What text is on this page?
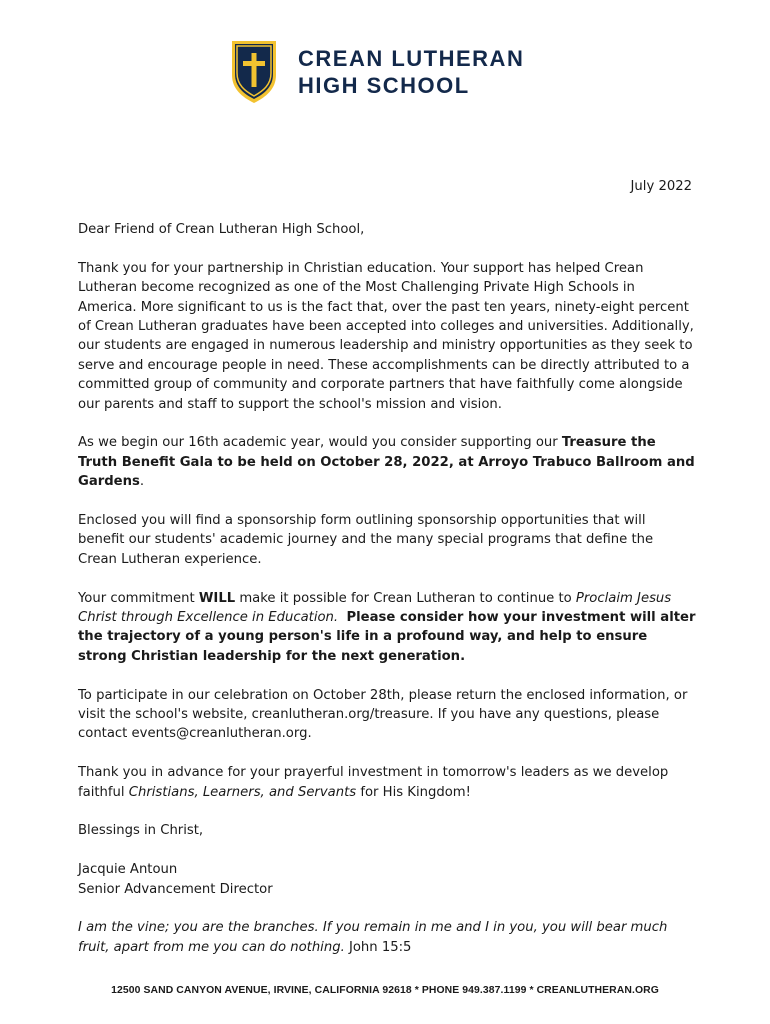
CREAN LUTHERAN
HIGH SCHOOL
July 2022

Dear Friend of Crean Lutheran High School,

Thank you for your partnership in Christian education. Your support has helped Crean Lutheran become recognized as one of the Most Challenging Private High Schools in America. More significant to us is the fact that, over the past ten years, ninety-eight percent of Crean Lutheran graduates have been accepted into colleges and universities. Additionally, our students are engaged in numerous leadership and ministry opportunities as they seek to serve and encourage people in need. These accomplishments can be directly attributed to a committed group of community and corporate partners that have faithfully come alongside our parents and staff to support the school's mission and vision.

As we begin our 16th academic year, would you consider supporting our Treasure the Truth Benefit Gala to be held on October 28, 2022, at Arroyo Trabuco Ballroom and Gardens.

Enclosed you will find a sponsorship form outlining sponsorship opportunities that will benefit our students' academic journey and the many special programs that define the Crean Lutheran experience.

Your commitment WILL make it possible for Crean Lutheran to continue to Proclaim Jesus Christ through Excellence in Education. Please consider how your investment will alter the trajectory of a young person's life in a profound way, and help to ensure strong Christian leadership for the next generation.

To participate in our celebration on October 28th, please return the enclosed information, or visit the school's website, creanlutheran.org/treasure. If you have any questions, please contact events@creanlutheran.org.

Thank you in advance for your prayerful investment in tomorrow's leaders as we develop faithful Christians, Learners, and Servants for His Kingdom!

Blessings in Christ,

Jacquie Antoun
Senior Advancement Director

I am the vine; you are the branches. If you remain in me and I in you, you will bear much fruit, apart from me you can do nothing. John 15:5

12500 SAND CANYON AVENUE, IRVINE, CALIFORNIA 92618 * PHONE 949.387.1199 * CREANLUTHERAN.ORG
